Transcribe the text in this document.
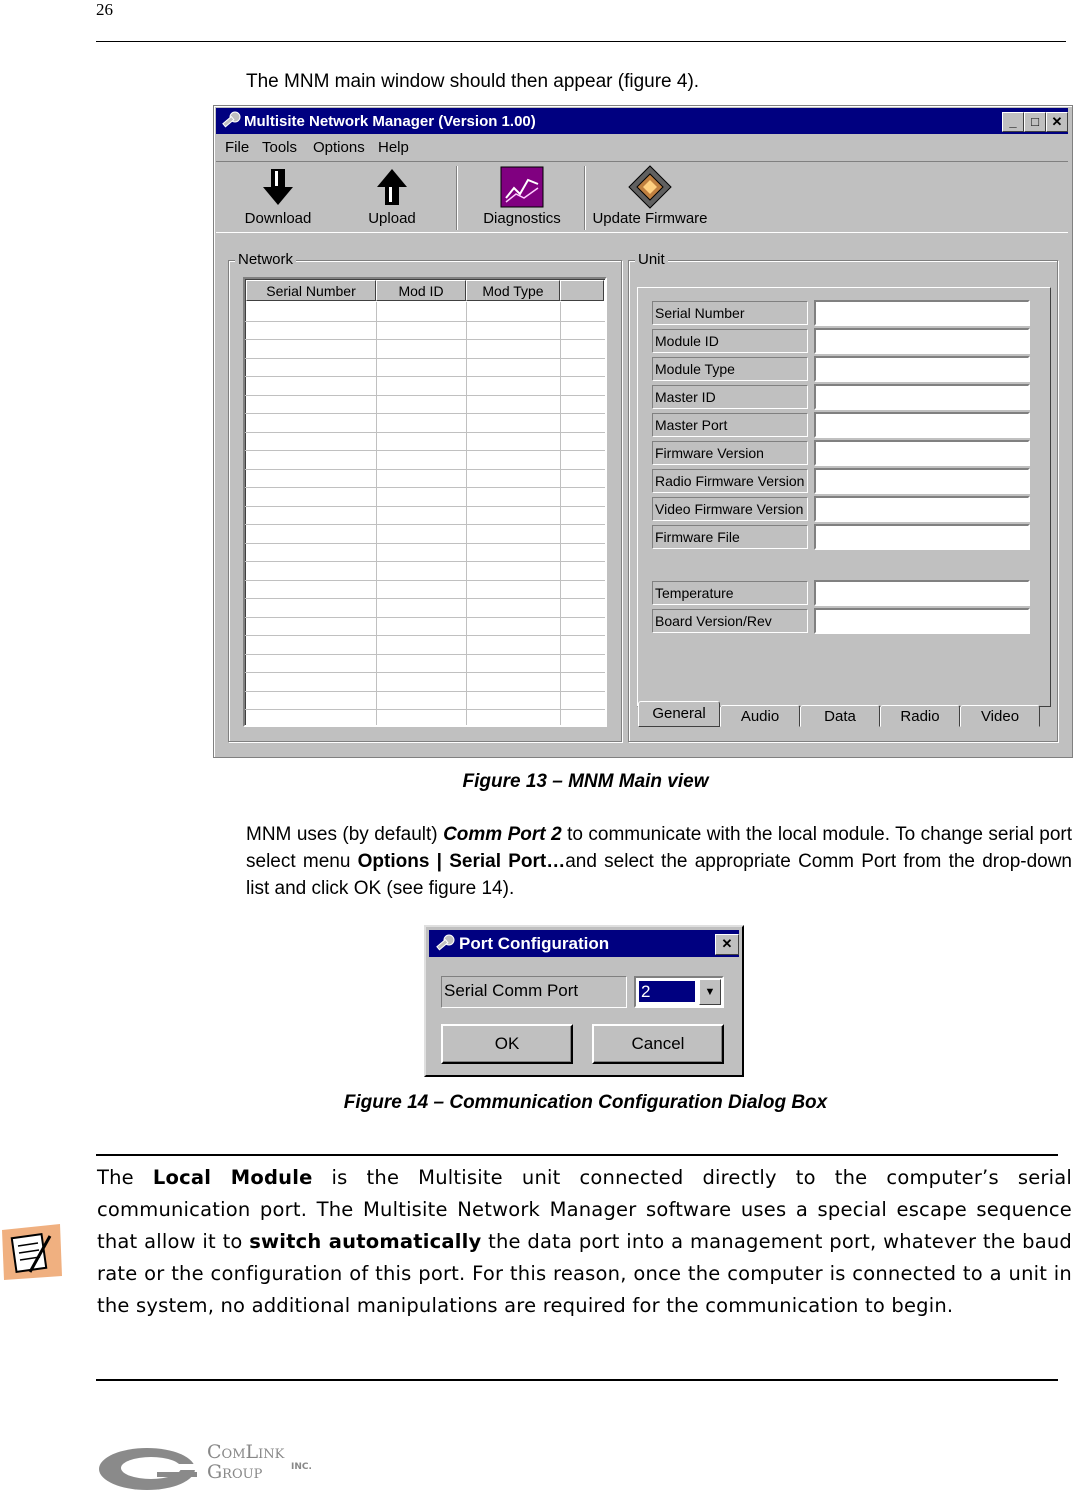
26
The MNM main window should then appear (figure 4).
Multisite Network Manager (Version 1.00)	_	□ ✕
File Tools Options Help
Download	Upload	Diagnostics	Update Firmware
Network
Serial Number	Mod ID	Mod Type
Unit
Serial Number
Module ID
Module Type
Master ID
Master Port
Firmware Version
Radio Firmware Version
Video Firmware Version
Firmware File
Temperature
Board Version/Rev
General	Audio	Data	Radio	Video
Figure 13 – MNM Main view
MNM uses (by default) Comm Port 2 to communicate with the local module. To change serial port select menu Options | Serial Port…and select the appropriate Comm Port from the drop-down list and click OK (see figure 14).
Port Configuration	✕
Serial Comm Port	2	▼
OK	Cancel
Figure 14 – Communication Configuration Dialog Box
The Local Module is the Multisite unit connected directly to the computer’s serial communication port. The Multisite Network Manager software uses a special escape sequence that allow it to switch automatically the data port into a management port, whatever the baud rate or the configuration of this port. For this reason, once the computer is connected to a unit in the system, no additional manipulations are required for the communication to begin.
ComLink
Group	INC.
